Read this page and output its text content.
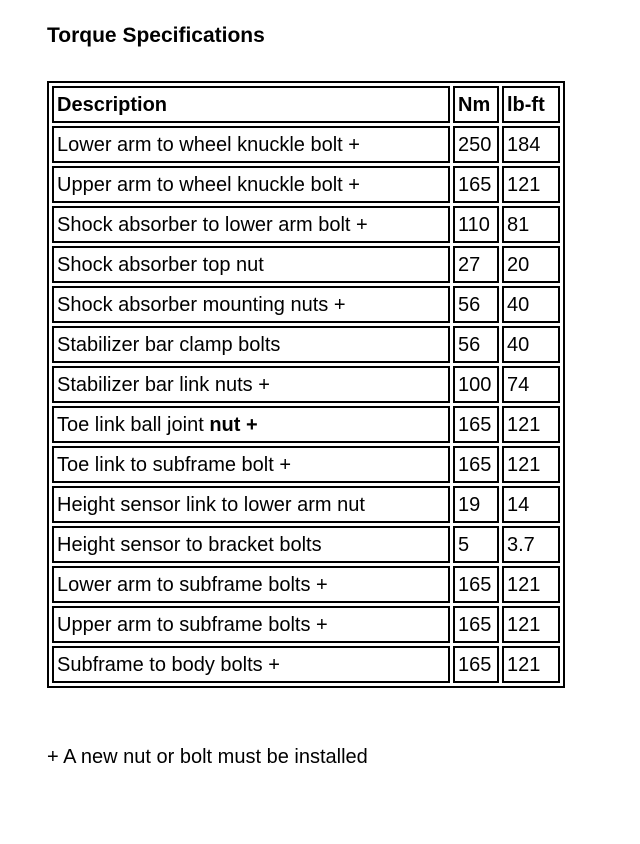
Torque Specifications
Description	Nm	lb-ft
Lower arm to wheel knuckle bolt +	250	184
Upper arm to wheel knuckle bolt +	165	121
Shock absorber to lower arm bolt +	110	81
Shock absorber top nut	27	20
Shock absorber mounting nuts +	56	40
Stabilizer bar clamp bolts	56	40
Stabilizer bar link nuts +	100	74
Toe link ball joint nut +	165	121
Toe link to subframe bolt +	165	121
Height sensor link to lower arm nut	19	14
Height sensor to bracket bolts	5	3.7
Lower arm to subframe bolts +	165	121
Upper arm to subframe bolts +	165	121
Subframe to body bolts +	165	121

+ A new nut or bolt must be installed
